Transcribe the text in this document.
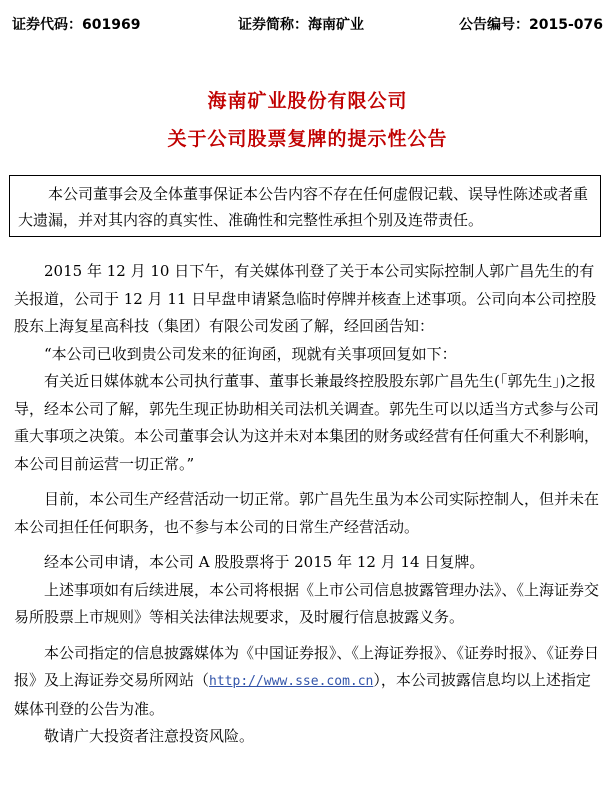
证券代码：601969	证券简称：海南矿业	公告编号：2015-076
海南矿业股份有限公司
关于公司股票复牌的提示性公告

本公司董事会及全体董事保证本公告内容不存在任何虚假记载、误导性陈述或者重大遗漏，并对其内容的真实性、准确性和完整性承担个别及连带责任。

2015 年 12 月 10 日下午，有关媒体刊登了关于本公司实际控制人郭广昌先生的有关报道，公司于 12 月 11 日早盘申请紧急临时停牌并核查上述事项。公司向本公司控股股东上海复星高科技（集团）有限公司发函了解，经回函告知：

“本公司已收到贵公司发来的征询函，现就有关事项回复如下：

有关近日媒体就本公司执行董事、董事长兼最终控股股东郭广昌先生(「郭先生」)之报导，经本公司了解，郭先生现正协助相关司法机关调查。郭先生可以以适当方式参与公司重大事项之决策。本公司董事会认为这并未对本集团的财务或经营有任何重大不利影响，本公司目前运营一切正常。”

目前，本公司生产经营活动一切正常。郭广昌先生虽为本公司实际控制人，但并未在本公司担任任何职务，也不参与本公司的日常生产经营活动。

经本公司申请，本公司 A 股股票将于 2015 年 12 月 14 日复牌。

上述事项如有后续进展，本公司将根据《上市公司信息披露管理办法》、《上海证券交易所股票上市规则》等相关法律法规要求，及时履行信息披露义务。

本公司指定的信息披露媒体为《中国证券报》、《上海证券报》、《证券时报》、《证券日报》及上海证券交易所网站（http://www.sse.com.cn），本公司披露信息均以上述指定媒体刊登的公告为准。

敬请广大投资者注意投资风险。
